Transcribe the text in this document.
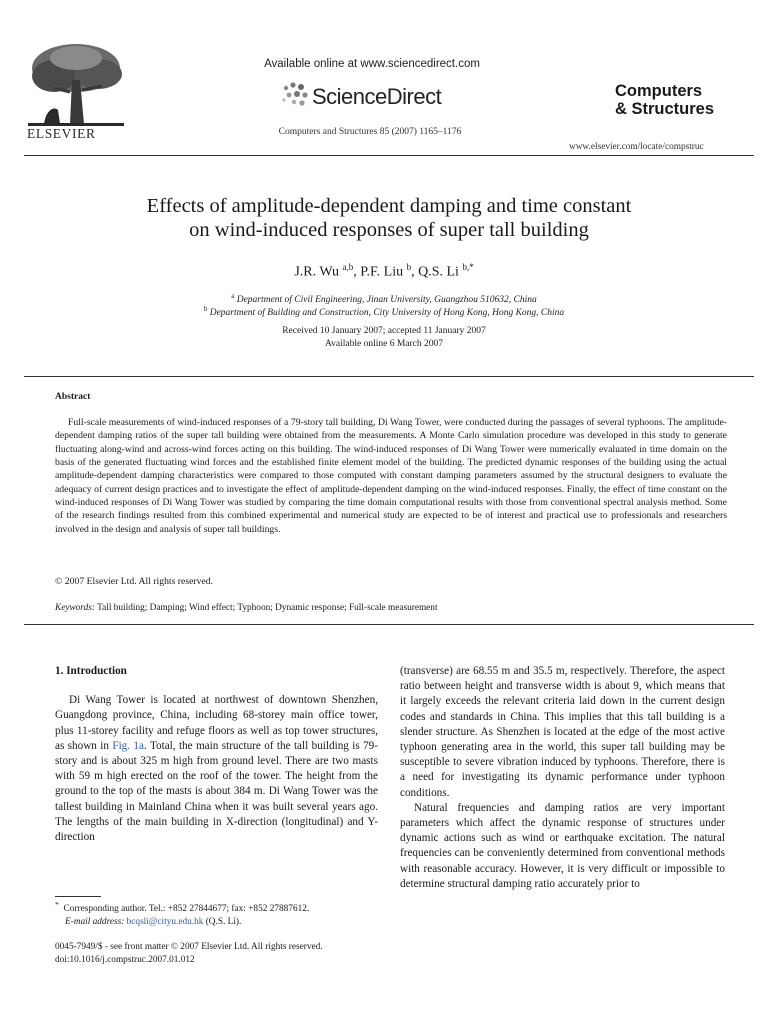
ELSEVIER
Available online at www.sciencedirect.com
ScienceDirect
Computers and Structures 85 (2007) 1165–1176
Computers
& Structures
www.elsevier.com/locate/compstruc
Effects of amplitude-dependent damping and time constant
on wind-induced responses of super tall building
J.R. Wu $^{a,b}$, P.F. Liu $^b$, Q.S. Li $^{b,*}$
$^a$ Department of Civil Engineering, Jinan University, Guangzhou 510632, China
$^b$ Department of Building and Construction, City University of Hong Kong, Hong Kong, China
Received 10 January 2007; accepted 11 January 2007
Available online 6 March 2007
Abstract
Full-scale measurements of wind-induced responses of a 79-story tall building, Di Wang Tower, were conducted during the passages of several typhoons. The amplitude-dependent damping ratios of the super tall building were obtained from the measurements. A Monte Carlo simulation procedure was developed in this study to generate fluctuating along-wind and across-wind forces acting on this building. The wind-induced responses of Di Wang Tower were numerically evaluated in time domain on the basis of the generated fluctuating wind forces and the established finite element model of the building. The predicted dynamic responses of the building using the actual amplitude-dependent damping characteristics were compared to those computed with constant damping parameters assumed by the structural designers to evaluate the adequacy of current design practices and to investigate the effect of amplitude-dependent damping on the wind-induced responses. Finally, the effect of time constant on the wind-induced responses of Di Wang Tower was studied by comparing the time domain computational results with those from conventional spectral analysis method. Some of the research findings resulted from this combined experimental and numerical study are expected to be of interest and practical use to professionals and researchers involved in the design and analysis of super tall buildings.
© 2007 Elsevier Ltd. All rights reserved.
Keywords: Tall building; Damping; Wind effect; Typhoon; Dynamic response; Full-scale measurement
1. Introduction

Di Wang Tower is located at northwest of downtown Shenzhen, Guangdong province, China, including 68-storey main office tower, plus 11-storey facility and refuge floors as well as top tower structures, as shown in Fig. 1a. Total, the main structure of the tall building is 79-story and is about 325 m high from ground level. There are two masts with 59 m high erected on the roof of the tower. The height from the ground to the top of the masts is about 384 m. Di Wang Tower was the tallest building in Mainland China when it was built several years ago. The lengths of the main building in X-direction (longitudinal) and Y-direction

(transverse) are 68.55 m and 35.5 m, respectively. Therefore, the aspect ratio between height and transverse width is about 9, which means that it largely exceeds the relevant criteria laid down in the current design codes and standards in China. This implies that this tall building is a slender structure. As Shenzhen is located at the edge of the most active typhoon generating area in the world, this super tall building may be susceptible to severe vibration induced by typhoons. Therefore, there is a need for investigating its dynamic performance under typhoon conditions.

Natural frequencies and damping ratios are very important parameters which affect the dynamic response of structures under dynamic actions such as wind or earthquake excitation. The natural frequencies can be conveniently determined from conventional methods with reasonable accuracy. However, it is very difficult or impossible to determine structural damping ratio accurately prior to

* Corresponding author. Tel.: +852 27844677; fax: +852 27887612.
E-mail address: bcqsli@cityu.edu.hk (Q.S. Li).
0045-7949/$ - see front matter © 2007 Elsevier Ltd. All rights reserved.
doi:10.1016/j.compstruc.2007.01.012
